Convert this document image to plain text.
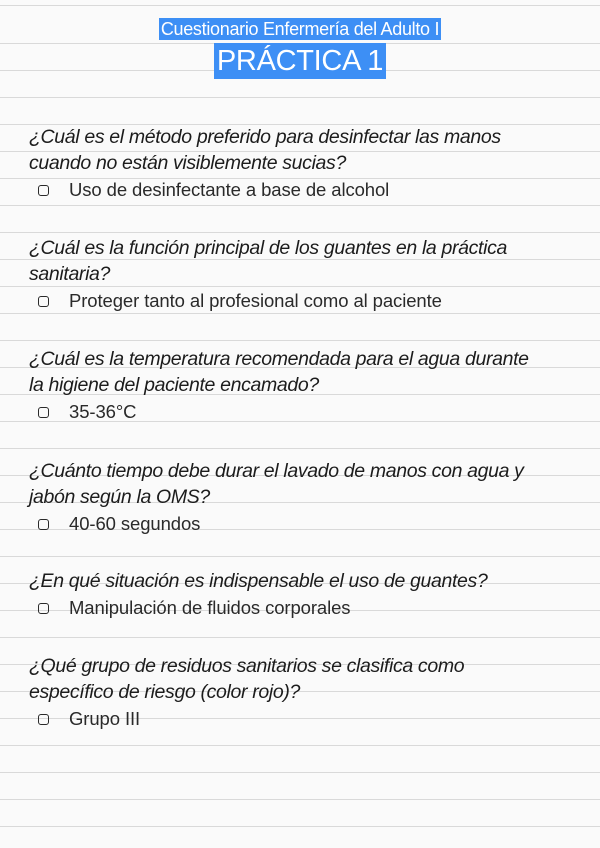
Cuestionario Enfermería del Adulto I
PRÁCTICA 1
¿Cuál es el método preferido para desinfectar las manos
cuando no están visiblemente sucias?
Uso de desinfectante a base de alcohol
¿Cuál es la función principal de los guantes en la práctica
sanitaria?
Proteger tanto al profesional como al paciente
¿Cuál es la temperatura recomendada para el agua durante
la higiene del paciente encamado?
35-36°C
¿Cuánto tiempo debe durar el lavado de manos con agua y
jabón según la OMS?
40-60 segundos
¿En qué situación es indispensable el uso de guantes?
Manipulación de fluidos corporales
¿Qué grupo de residuos sanitarios se clasifica como
específico de riesgo (color rojo)?
Grupo III
